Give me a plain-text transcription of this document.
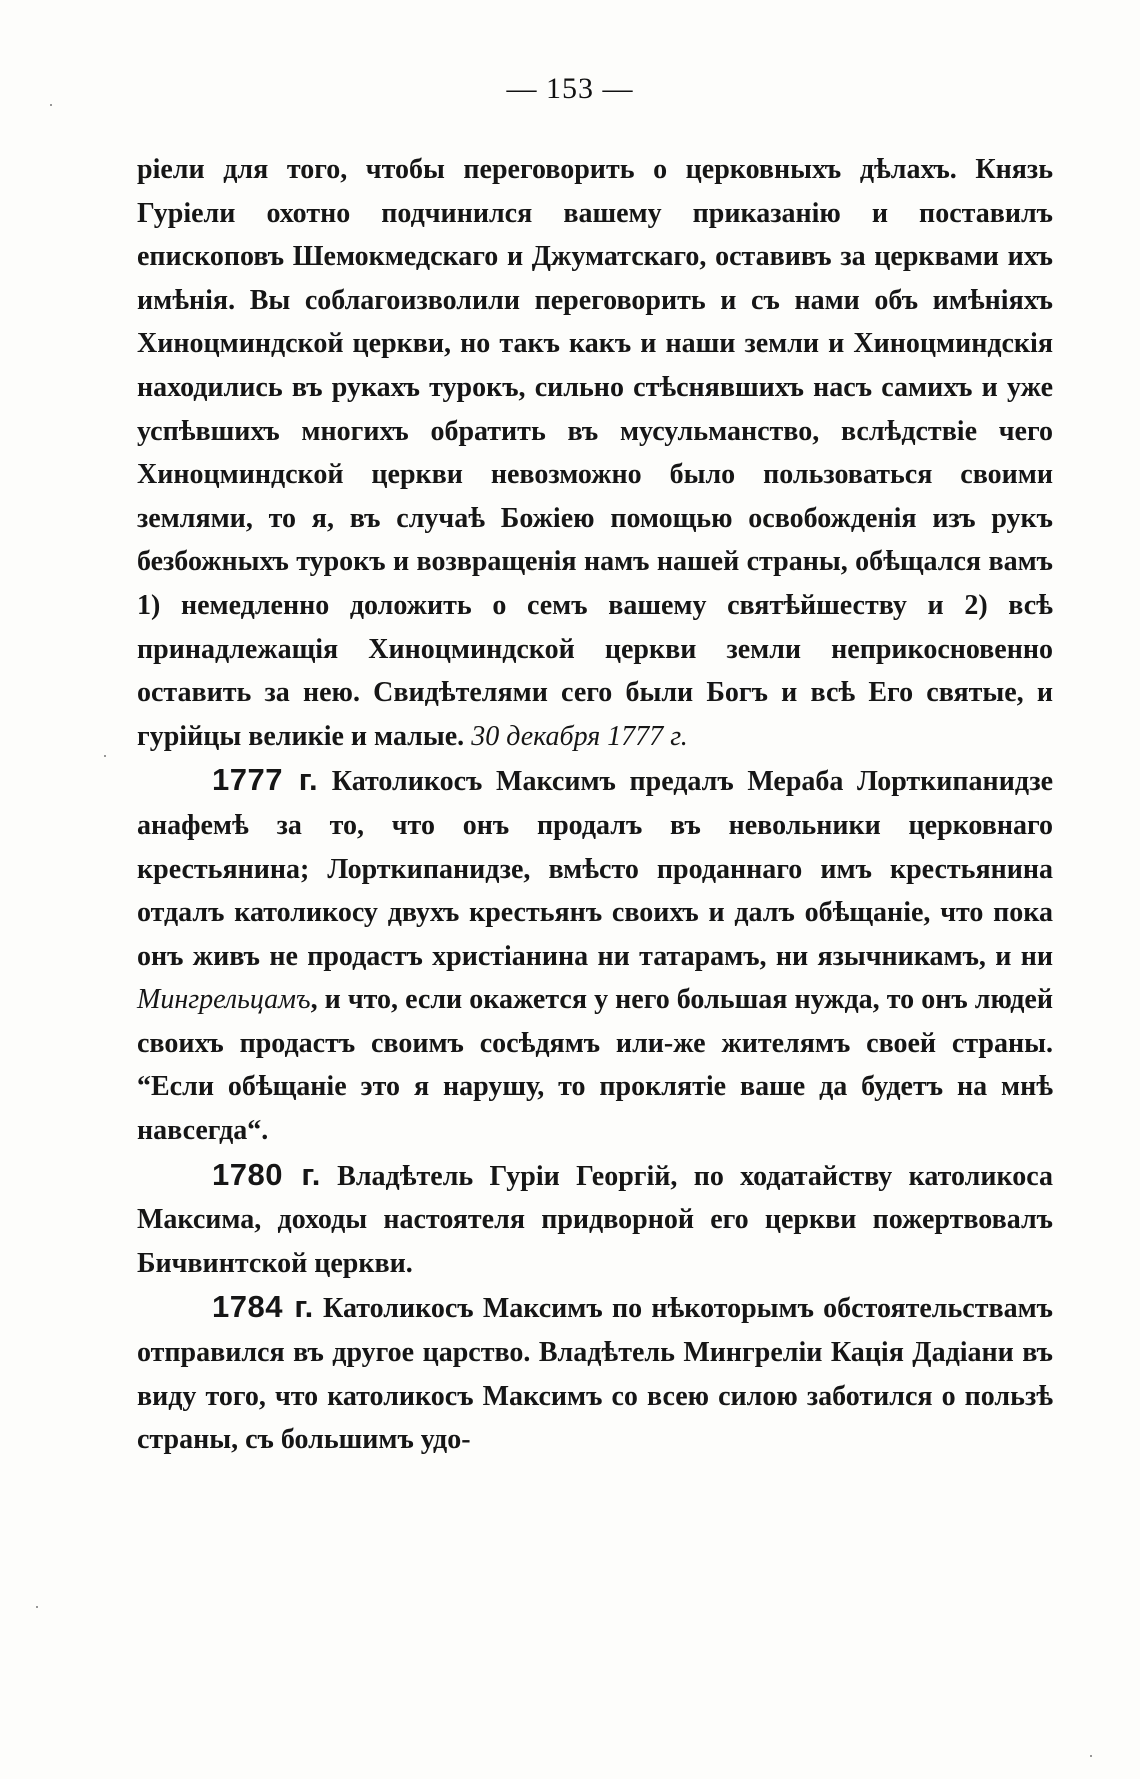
— 153 —

ріели для того, чтобы переговорить о церковныхъ дѣлахъ. Князь Гуріели охотно подчинился вашему приказанію и поставилъ епископовъ Шемокмедскаго и Джуматскаго, оставивъ за церквами ихъ имѣнія. Вы соблагоизволили переговорить и съ нами объ имѣніяхъ Хиноцминдской церкви, но такъ какъ и наши земли и Хиноцминдскія находились въ рукахъ турокъ, сильно стѣснявшихъ насъ самихъ и уже успѣвшихъ многихъ обратить въ мусульманство, вслѣдствіе чего Хиноцминдской церкви невозможно было пользоваться своими землями, то я, въ случаѣ Божіею помощью освобожденія изъ рукъ безбожныхъ турокъ и возвращенія намъ нашей страны, обѣщался вамъ 1) немедленно доложить о семъ вашему святѣйшеству и 2) всѣ принадлежащія Хиноцминдской церкви земли неприкосновенно оставить за нею. Свидѣтелями сего были Богъ и всѣ Его святые, и гурійцы великіе и малые. 30 декабря 1777 г.

1777 г. Католикосъ Максимъ предалъ Мераба Лорткипанидзе анафемѣ за то, что онъ продалъ въ невольники церковнаго крестьянина; Лорткипанидзе, вмѣсто проданнаго имъ крестьянина отдалъ католикосу двухъ крестьянъ своихъ и далъ обѣщаніе, что пока онъ живъ не продастъ христіанина ни татарамъ, ни язычникамъ, и ни Мингрельцамъ, и что, если окажется у него большая нужда, то онъ людей своихъ продастъ своимъ сосѣдямъ или-же жителямъ своей страны. “Если обѣщаніе это я нарушу, то проклятіе ваше да будетъ на мнѣ навсегда“.

1780 г. Владѣтель Гуріи Георгій, по ходатайству католикоса Максима, доходы настоятеля придворной его церкви пожертвовалъ Бичвинтской церкви.

1784 г. Католикосъ Максимъ по нѣкоторымъ обстоятельствамъ отправился въ другое царство. Владѣтель Мингреліи Кація Дадіани въ виду того, что католикосъ Максимъ со всею силою заботился о пользѣ страны, съ большимъ удо-
